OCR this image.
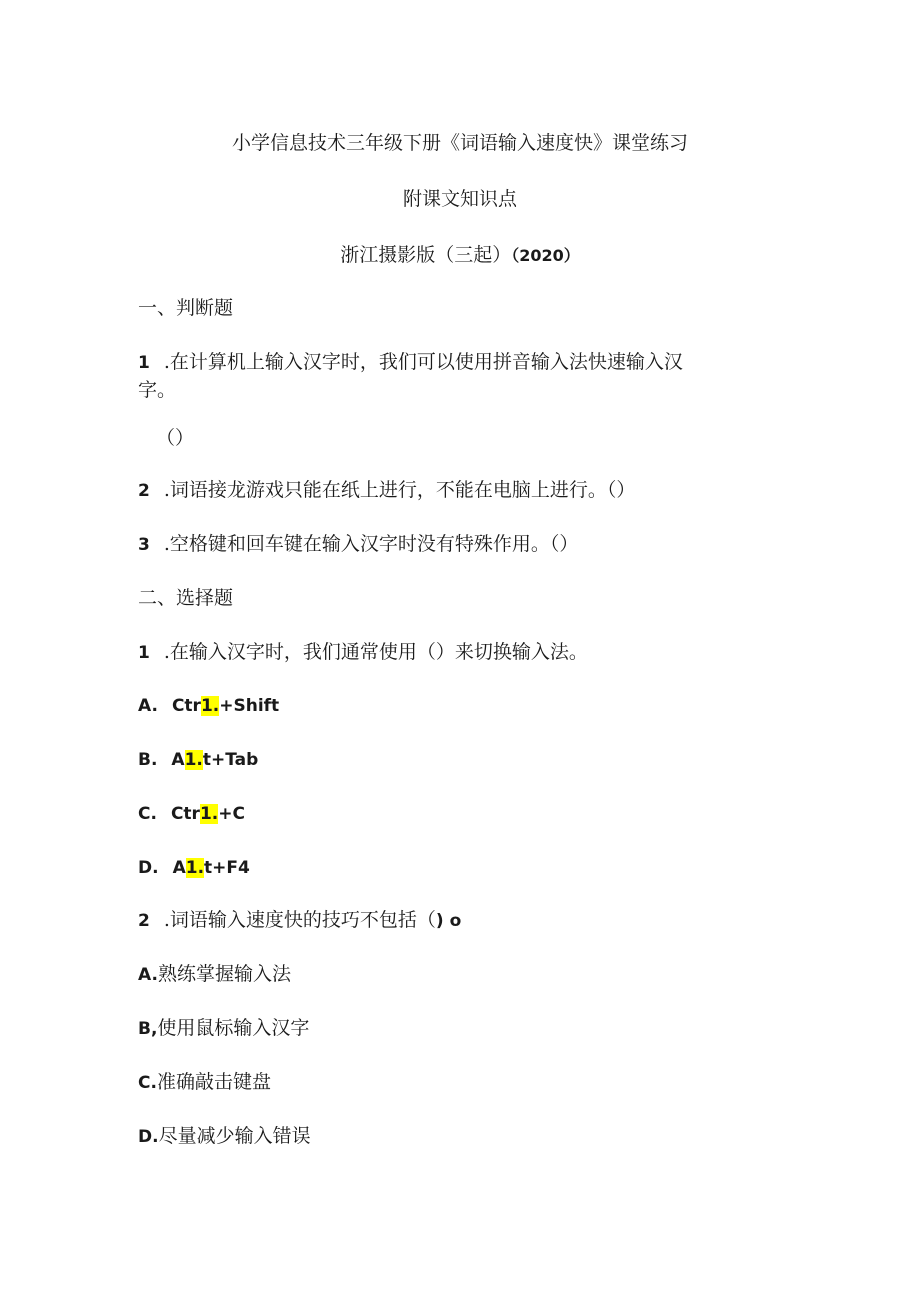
小学信息技术三年级下册《词语输入速度快》课堂练习
附课文知识点
浙江摄影版（三起）（2020）
一、判断题
1 .在计算机上输入汉字时，我们可以使用拼音输入法快速输入汉
字。
（）
2 .词语接龙游戏只能在纸上进行，不能在电脑上进行。（）
3 .空格键和回车键在输入汉字时没有特殊作用。（）
二、选择题
1 .在输入汉字时，我们通常使用（）来切换输入法。
A. Ctr1.+Shift
B. A1.t+Tab
C. Ctr1.+C
D. A1.t+F4
2 .词语输入速度快的技巧不包括（) o
A.熟练掌握输入法
B,使用鼠标输入汉字
C.准确敲击键盘
D.尽量减少输入错误
